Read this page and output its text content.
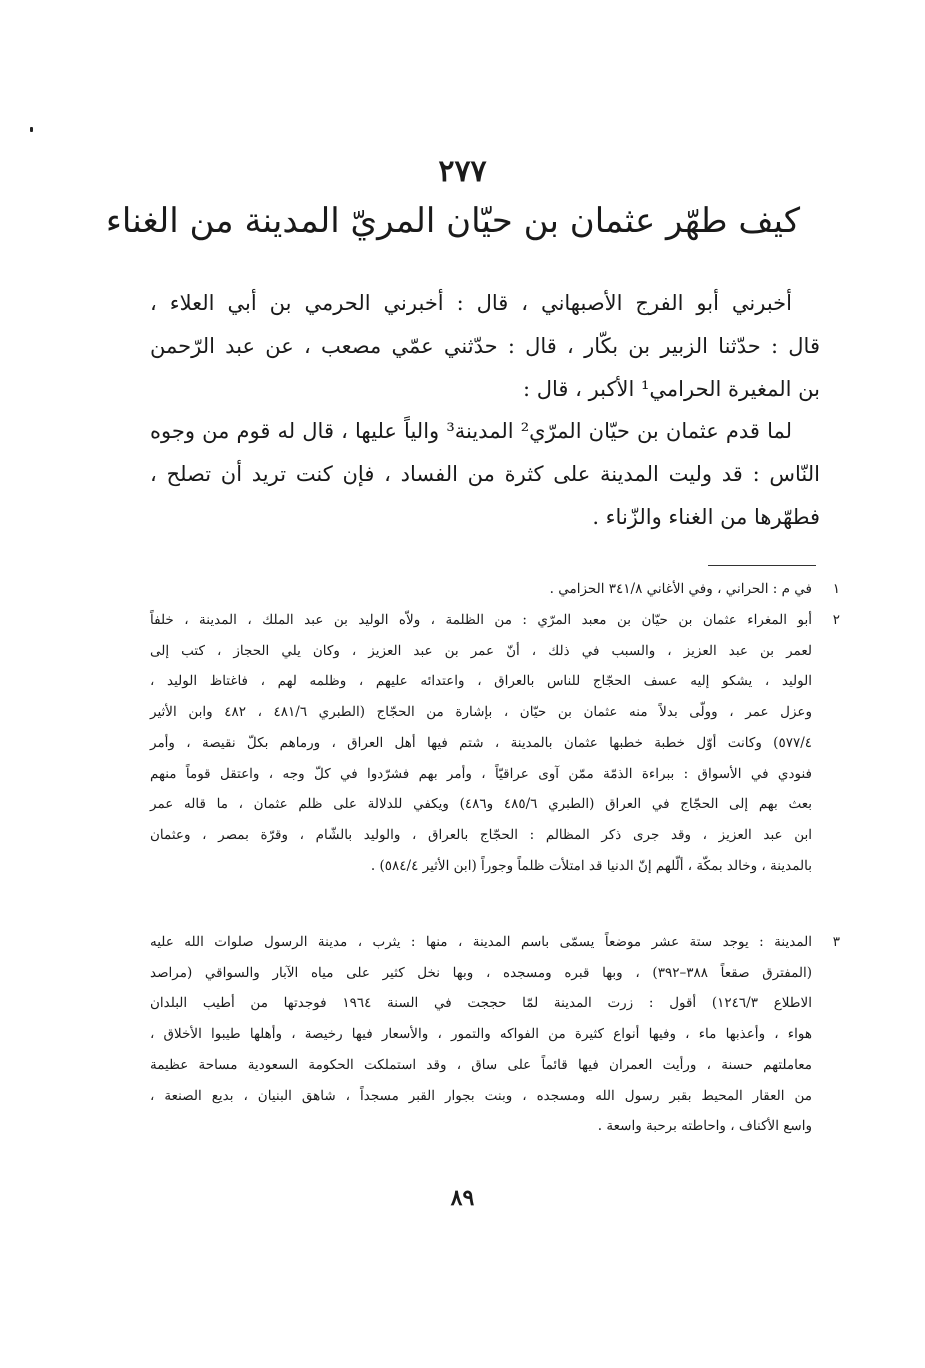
٢٧٧
كيف طهّر عثمان بن حيّان المريّ المدينة من الغناء
أخبرني أبو الفرج الأصبهاني ، قال : أخبرني الحرمي بن أبي العلاء ،
قال : حدّثنا الزبير بن بكّار ، قال : حدّثني عمّي مصعب ، عن عبد الرّحمن
بن المغيرة الحرامي¹ الأكبر ، قال :
لما قدم عثمان بن حيّان المرّي² المدينة³ والياً عليها ، قال له قوم من وجوه
النّاس : قد وليت المدينة على كثرة من الفساد ، فإن كنت تريد أن تصلح ،
فطهّرها من الغناء والزّناء .
١
في م : الحراني ، وفي الأغاني ٣٤١/٨ الحزامي .
٢
أبو المغراء عثمان بن حيّان بن معبد المرّي : من الظلمة ، ولاّه الوليد بن عبد الملك ، المدينة ، خلفاً
لعمر بن عبد العزيز ، والسبب في ذلك ، أنّ عمر بن عبد العزيز ، وكان يلي الحجاز ، كتب إلى
الوليد ، يشكو إليه عسف الحجّاج للناس بالعراق ، واعتدائه عليهم ، وظلمه لهم ، فاغتاظ الوليد ،
وعزل عمر ، وولّى بدلاً منه عثمان بن حيّان ، بإشارة من الحجّاج (الطبري ٤٨١/٦ ، ٤٨٢ وابن الأثير
٥٧٧/٤) وكانت أوّل خطبة خطبها عثمان بالمدينة ، شتم فيها أهل العراق ، ورماهم بكلّ نقيصة ، وأمر
فنودي في الأسواق : ببراءة الذمّة ممّن آوى عراقيّاً ، وأمر بهم فشرّدوا في كلّ وجه ، واعتقل قوماً منهم
بعث بهم إلى الحجّاج في العراق (الطبري ٤٨٥/٦ و٤٨٦) ويكفي للدلالة على ظلم عثمان ، ما قاله عمر
ابن عبد العزيز ، وقد جرى ذكر المظالم : الحجّاج بالعراق ، والوليد بالشّام ، وقرّة بمصر ، وعثمان
بالمدينة ، وخالد بمكّة ، ألّلهم إنّ الدنيا قد امتلأت ظلماً وجوراً (ابن الأثير ٥٨٤/٤) .
٣
المدينة : يوجد ستة عشر موضعاً يسمّى باسم المدينة ، منها : يثرب ، مدينة الرسول صلوات الله عليه
(المفترق صقعاً ٣٨٨–٣٩٢) ، وبها قبره ومسجده ، وبها نخل كثير على مياه الآبار والسواقي (مراصد
الاطلاع ١٢٤٦/٣) أقول : زرت المدينة لمّا حججت في السنة ١٩٦٤ فوجدتها من أطيب البلدان
هواء ، وأعذبها ماء ، وفيها أنواع كثيرة من الفواكه والتمور ، والأسعار فيها رخيصة ، وأهلها طيبوا الأخلاق ،
معاملتهم حسنة ، ورأيت العمران فيها قائماً على ساق ، وقد استملكت الحكومة السعودية مساحة عظيمة
من العقار المحيط بقبر رسول الله ومسجده ، وبنت بجوار القبر مسجداً ، شاهق البنيان ، بديع الصنعة ،
واسع الأكناف ، واحاطته برحبة واسعة .
٨٩
